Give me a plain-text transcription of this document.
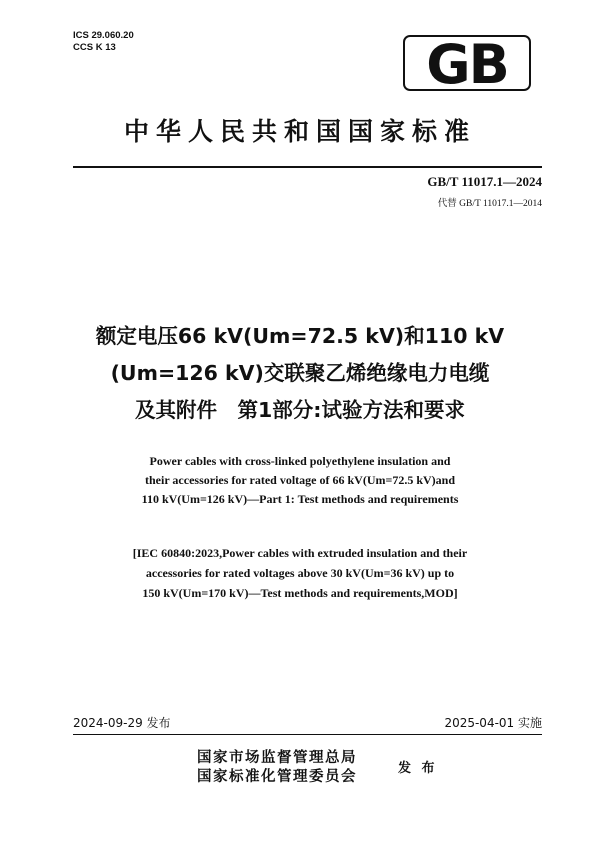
ICS 29.060.20
CCS K 13	GB
中华人民共和国国家标准
GB/T 11017.1—2024
代替 GB/T 11017.1—2014
额定电压66 kV(Um=72.5 kV)和110 kV
(Um=126 kV)交联聚乙烯绝缘电力电缆
及其附件　第1部分:试验方法和要求
Power cables with cross-linked polyethylene insulation and
their accessories for rated voltage of 66 kV(Um=72.5 kV)and
110 kV(Um=126 kV)—Part 1: Test methods and requirements
[IEC 60840:2023,Power cables with extruded insulation and their
accessories for rated voltages above 30 kV(Um=36 kV) up to
150 kV(Um=170 kV)—Test methods and requirements,MOD]
2024-09-29 发布	2025-04-01 实施
国家市场监督管理总局
国家标准化管理委员会	发 布
